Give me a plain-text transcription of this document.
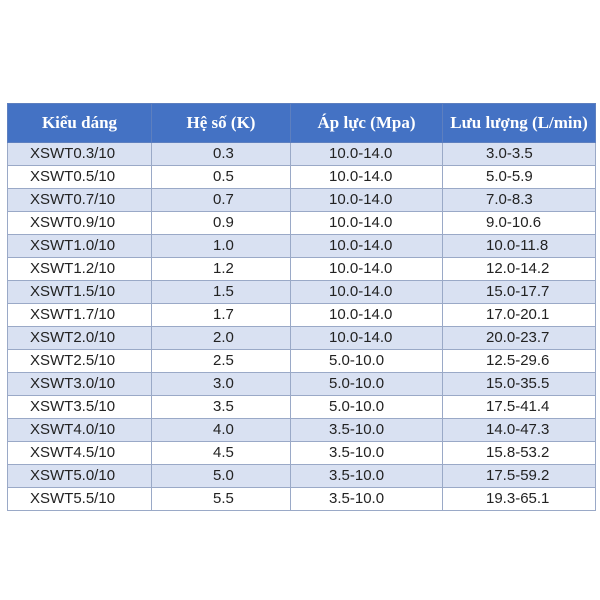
Kiểu dáng	Hệ số (K)	Áp lực (Mpa)	Lưu lượng (L/min)
XSWT0.3/10	0.3	10.0-14.0	3.0-3.5
XSWT0.5/10	0.5	10.0-14.0	5.0-5.9
XSWT0.7/10	0.7	10.0-14.0	7.0-8.3
XSWT0.9/10	0.9	10.0-14.0	9.0-10.6
XSWT1.0/10	1.0	10.0-14.0	10.0-11.8
XSWT1.2/10	1.2	10.0-14.0	12.0-14.2
XSWT1.5/10	1.5	10.0-14.0	15.0-17.7
XSWT1.7/10	1.7	10.0-14.0	17.0-20.1
XSWT2.0/10	2.0	10.0-14.0	20.0-23.7
XSWT2.5/10	2.5	5.0-10.0	12.5-29.6
XSWT3.0/10	3.0	5.0-10.0	15.0-35.5
XSWT3.5/10	3.5	5.0-10.0	17.5-41.4
XSWT4.0/10	4.0	3.5-10.0	14.0-47.3
XSWT4.5/10	4.5	3.5-10.0	15.8-53.2
XSWT5.0/10	5.0	3.5-10.0	17.5-59.2
XSWT5.5/10	5.5	3.5-10.0	19.3-65.1
